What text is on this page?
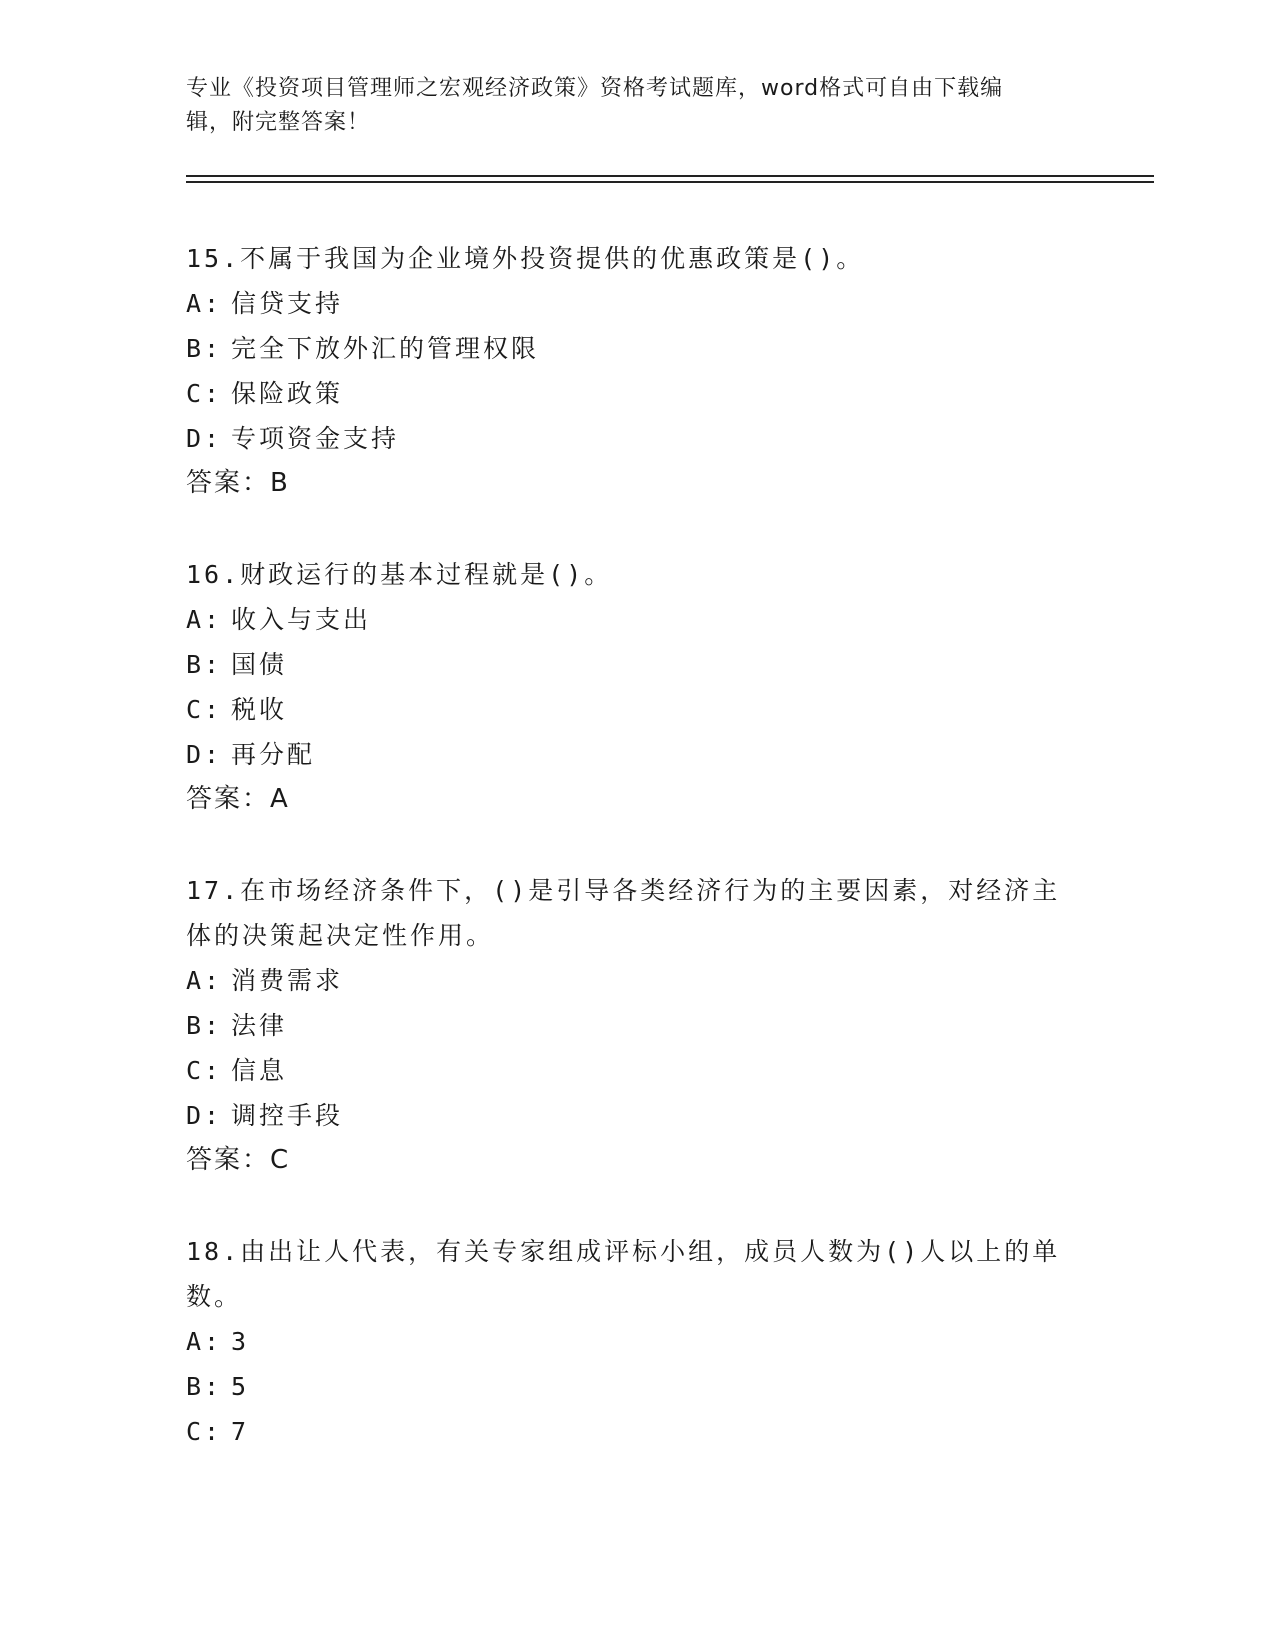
专业《投资项目管理师之宏观经济政策》资格考试题库，word格式可自由下载编
辑，附完整答案！

15.不属于我国为企业境外投资提供的优惠政策是()。

A: 信贷支持
B: 完全下放外汇的管理权限
C: 保险政策
D: 专项资金支持
答案：B

16.财政运行的基本过程就是()。

A: 收入与支出
B: 国债
C: 税收
D: 再分配
答案：A

17.在市场经济条件下，()是引导各类经济行为的主要因素，对经济主体的决策起决定性作用。

A: 消费需求
B: 法律
C: 信息
D: 调控手段
答案：C

18.由出让人代表，有关专家组成评标小组，成员人数为()人以上的单数。

A: 3
B: 5
C: 7
